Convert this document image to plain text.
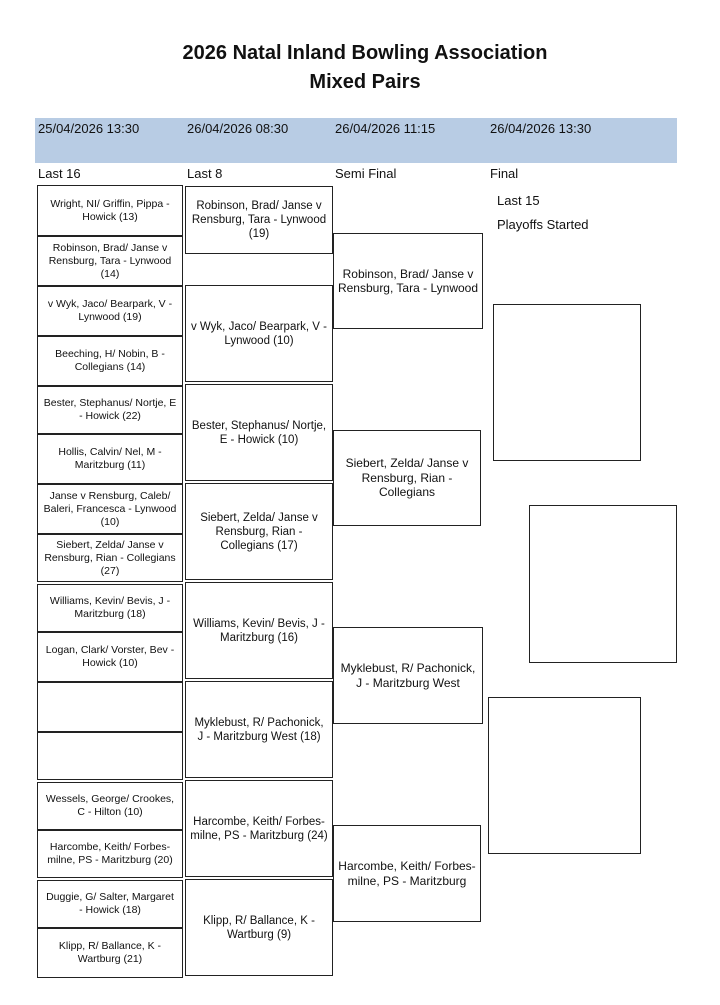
2026 Natal Inland Bowling Association
Mixed Pairs
25/04/2026 13:30	26/04/2026 08:30	26/04/2026 11:15	26/04/2026 13:30
Last 16	Last 8	Semi Final	Final
Last 15
Playoffs Started
Wright, NI/ Griffin, Pippa - Howick (13)
Robinson, Brad/ Janse v Rensburg, Tara - Lynwood (14)
v Wyk, Jaco/ Bearpark, V - Lynwood (19)
Beeching, H/ Nobin, B - Collegians (14)
Bester, Stephanus/ Nortje, E - Howick (22)
Hollis, Calvin/ Nel, M - Maritzburg (11)
Janse v Rensburg, Caleb/ Baleri, Francesca - Lynwood (10)
Siebert, Zelda/ Janse v Rensburg, Rian - Collegians (27)
Williams, Kevin/ Bevis, J - Maritzburg (18)
Logan, Clark/ Vorster, Bev - Howick (10)
Wessels, George/ Crookes, C - Hilton (10)
Harcombe, Keith/ Forbes-milne, PS - Maritzburg (20)
Duggie, G/ Salter, Margaret - Howick (18)
Klipp, R/ Ballance, K - Wartburg (21)
Robinson, Brad/ Janse v Rensburg, Tara - Lynwood (19)
v Wyk, Jaco/ Bearpark, V - Lynwood (10)
Bester, Stephanus/ Nortje, E - Howick (10)
Siebert, Zelda/ Janse v Rensburg, Rian - Collegians (17)
Williams, Kevin/ Bevis, J - Maritzburg (16)
Myklebust, R/ Pachonick, J - Maritzburg West (18)
Harcombe, Keith/ Forbes-milne, PS - Maritzburg (24)
Klipp, R/ Ballance, K - Wartburg (9)
Robinson, Brad/ Janse v Rensburg, Tara - Lynwood
Siebert, Zelda/ Janse v Rensburg, Rian - Collegians
Myklebust, R/ Pachonick, J - Maritzburg West
Harcombe, Keith/ Forbes-milne, PS - Maritzburg
